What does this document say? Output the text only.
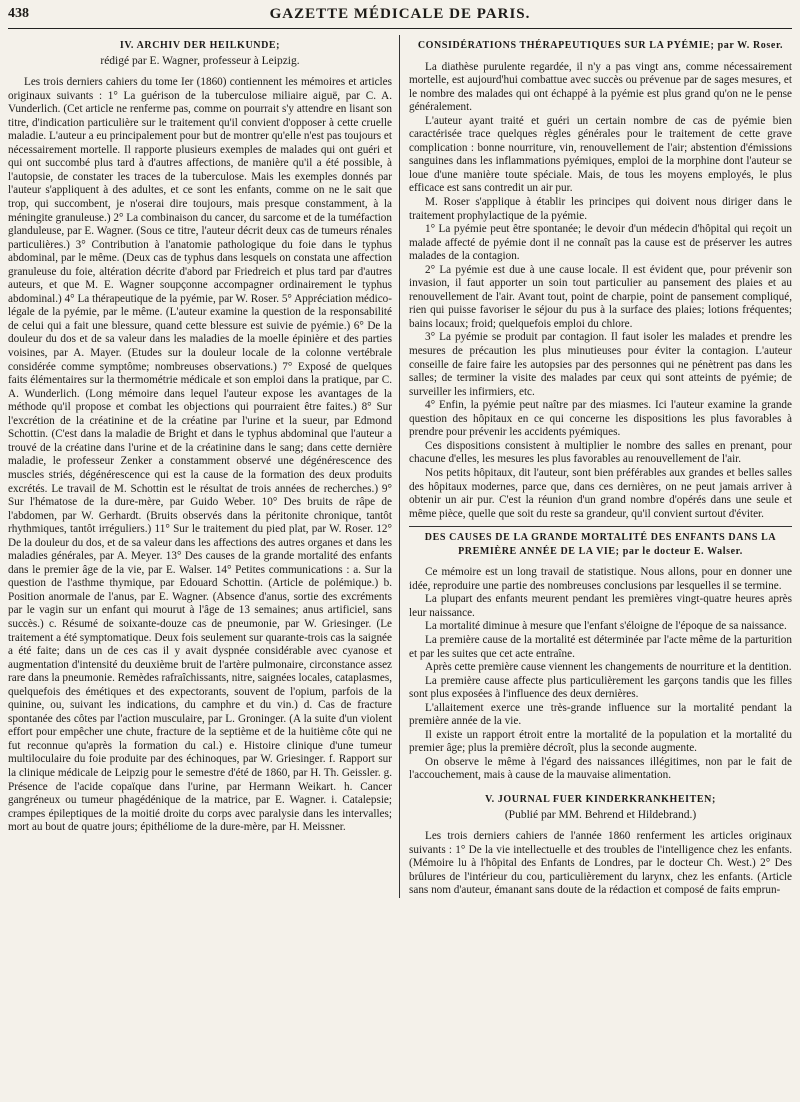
438	GAZETTE MÉDICALE DE PARIS.

IV. ARCHIV DER HEILKUNDE;

rédigé par E. Wagner, professeur à Leipzig.

Les trois derniers cahiers du tome Ier (1860) contiennent les mémoires et articles originaux suivants : 1° La guérison de la tuberculose miliaire aiguë, par C. A. Vunderlich. (Cet article ne renferme pas, comme on pourrait s'y attendre en lisant son titre, d'indication particulière sur le traitement qu'il convient d'opposer à cette cruelle maladie. L'auteur a eu principalement pour but de montrer qu'elle n'est pas toujours et nécessairement mortelle. Il rapporte plusieurs exemples de malades qui ont guéri et qui ont succombé plus tard à d'autres affections, de manière qu'il a été possible, à l'autopsie, de constater les traces de la tuberculose. Mais les exemples donnés par l'auteur s'appliquent à des adultes, et ce sont les enfants, comme on ne le sait que trop, qui succombent, je n'oserai dire toujours, mais presque constamment, à la méningite granuleuse.) 2° La combinaison du cancer, du sarcome et de la tuméfaction glanduleuse, par E. Wagner. (Sous ce titre, l'auteur décrit deux cas de tumeurs rénales particulières.) 3° Contribution à l'anatomie pathologique du foie dans le typhus abdominal, par le même. (Deux cas de typhus dans lesquels on constata une affection granuleuse du foie, altération décrite d'abord par Friedreich et plus tard par d'autres auteurs, et que M. E. Wagner soupçonne accompagner ordinairement le typhus abdominal.) 4° La thérapeutique de la pyémie, par W. Roser. 5° Appréciation médico-légale de la pyémie, par le même. (L'auteur examine la question de la responsabilité de celui qui a fait une blessure, quand cette blessure est suivie de pyémie.) 6° De la douleur du dos et de sa valeur dans les maladies de la moelle épinière et des parties voisines, par A. Mayer. (Etudes sur la douleur locale de la colonne vertébrale considérée comme symptôme; nombreuses observations.) 7° Exposé de quelques faits élémentaires sur la thermométrie médicale et son emploi dans la pratique, par C. A. Wunderlich. (Long mémoire dans lequel l'auteur expose les avantages de la méthode qu'il propose et combat les objections qui pourraient être faites.) 8° Sur l'excrétion de la créatinine et de la créatine par l'urine et la sueur, par Edmond Schottin. (C'est dans la maladie de Bright et dans le typhus abdominal que l'auteur a trouvé de la créatine dans l'urine et de la créatinine dans le sang; dans cette dernière maladie, le professeur Zenker a constamment observé une dégénérescence des muscles striés, dégénérescence qui est la cause de la formation des deux produits excrétés. Le travail de M. Schottin est le résultat de trois années de recherches.) 9° Sur l'hématose de la dure-mère, par Guido Weber. 10° Des bruits de râpe de l'abdomen, par W. Gerhardt. (Bruits observés dans la péritonite chronique, tantôt rhythmiques, tantôt irréguliers.) 11° Sur le traitement du pied plat, par W. Roser. 12° De la douleur du dos, et de sa valeur dans les affections des autres organes et dans les maladies générales, par A. Meyer. 13° Des causes de la grande mortalité des enfants dans le premier âge de la vie, par E. Walser. 14° Petites communications : a. Sur la question de l'asthme thymique, par Edouard Schottin. (Article de polémique.) b. Position anormale de l'anus, par E. Wagner. (Absence d'anus, sortie des excréments par le vagin sur un enfant qui mourut à l'âge de 13 semaines; anus artificiel, sans succès.) c. Résumé de soixante-douze cas de pneumonie, par W. Griesinger. (Le traitement a été symptomatique. Deux fois seulement sur quarante-trois cas la saignée a été faite; dans un de ces cas il y avait dyspnée considérable avec cyanose et augmentation d'intensité du deuxième bruit de l'artère pulmonaire, circonstance assez rare dans la pneumonie. Remèdes rafraîchissants, nitre, saignées locales, cataplasmes, quelquefois des émétiques et des expectorants, souvent de l'opium, parfois de la quinine, ou, suivant les indications, du camphre et du vin.) d. Cas de fracture spontanée des côtes par l'action musculaire, par L. Groninger. (A la suite d'un violent effort pour empêcher une chute, fracture de la septième et de la huitième côte qui ne fut reconnue qu'après la formation du cal.) e. Histoire clinique d'une tumeur multiloculaire du foie produite par des échinoques, par W. Griesinger. f. Rapport sur la clinique médicale de Leipzig pour le semestre d'été de 1860, par H. Th. Geissler. g. Présence de l'acide copaïque dans l'urine, par Hermann Weikart. h. Cancer gangréneux ou tumeur phagédénique de la matrice, par E. Wagner. i. Catalepsie; crampes épileptiques de la moitié droite du corps avec paralysie dans les intervalles; mort au bout de quatre jours; épithéliome de la dure-mère, par H. Meissner.

CONSIDÉRATIONS THÉRAPEUTIQUES SUR LA PYÉMIE; par W. Roser.

La diathèse purulente regardée, il n'y a pas vingt ans, comme nécessairement mortelle, est aujourd'hui combattue avec succès ou prévenue par de sages mesures, et le nombre des malades qui ont échappé à la pyémie est plus grand qu'on ne le pense généralement.

L'auteur ayant traité et guéri un certain nombre de cas de pyémie bien caractérisée trace quelques règles générales pour le traitement de cette grave complication : bonne nourriture, vin, renouvellement de l'air; abstention d'émissions sanguines dans les inflammations pyémiques, emploi de la morphine dont l'auteur se loue d'une manière toute spéciale. Mais, de tous les moyens employés, le plus efficace est sans contredit un air pur.

M. Roser s'applique à établir les principes qui doivent nous diriger dans le traitement prophylactique de la pyémie.

1° La pyémie peut être spontanée; le devoir d'un médecin d'hôpital qui reçoit un malade affecté de pyémie dont il ne connaît pas la cause est de préserver les autres malades de la contagion.

2° La pyémie est due à une cause locale. Il est évident que, pour prévenir son invasion, il faut apporter un soin tout particulier au pansement des plaies et au renouvellement de l'air. Avant tout, point de charpie, point de pansement compliqué, rien qui puisse favoriser le séjour du pus à la surface des plaies; lotions fréquentes; bains locaux; froid; quelquefois emploi du chlore.

3° La pyémie se produit par contagion. Il faut isoler les malades et prendre les mesures de précaution les plus minutieuses pour éviter la contagion. L'auteur conseille de faire faire les autopsies par des personnes qui ne pénètrent pas dans les salles; de terminer la visite des malades par ceux qui sont atteints de pyémie; de surveiller les infirmiers, etc.

4° Enfin, la pyémie peut naître par des miasmes. Ici l'auteur examine la grande question des hôpitaux en ce qui concerne les dispositions les plus favorables à prendre pour prévenir les accidents pyémiques.

Ces dispositions consistent à multiplier le nombre des salles en prenant, pour chacune d'elles, les mesures les plus favorables au renouvellement de l'air.

Nos petits hôpitaux, dit l'auteur, sont bien préférables aux grandes et belles salles des hôpitaux modernes, parce que, dans ces dernières, on ne peut jamais arriver à obtenir un air pur. C'est la réunion d'un grand nombre d'opérés dans une seule et même pièce, quelle que soit du reste sa grandeur, qu'il convient surtout d'éviter.

DES CAUSES DE LA GRANDE MORTALITÉ DES ENFANTS DANS LA PREMIÈRE ANNÉE DE LA VIE; par le docteur E. Walser.

Ce mémoire est un long travail de statistique. Nous allons, pour en donner une idée, reproduire une partie des nombreuses conclusions par lesquelles il se termine.

La plupart des enfants meurent pendant les premières vingt-quatre heures après leur naissance.

La mortalité diminue à mesure que l'enfant s'éloigne de l'époque de sa naissance.

La première cause de la mortalité est déterminée par l'acte même de la parturition et par les suites que cet acte entraîne.

Après cette première cause viennent les changements de nourriture et la dentition.

La première cause affecte plus particulièrement les garçons tandis que les filles sont plus exposées à l'influence des deux dernières.

L'allaitement exerce une très-grande influence sur la mortalité pendant la première année de la vie.

Il existe un rapport étroit entre la mortalité de la population et la mortalité du premier âge; plus la première décroît, plus la seconde augmente.

On observe le même à l'égard des naissances illégitimes, non par le fait de l'accouchement, mais à cause de la mauvaise alimentation.

V. JOURNAL FUER KINDERKRANKHEITEN;

(Publié par MM. Behrend et Hildebrand.)

Les trois derniers cahiers de l'année 1860 renferment les articles originaux suivants : 1° De la vie intellectuelle et des troubles de l'intelligence chez les enfants. (Mémoire lu à l'hôpital des Enfants de Londres, par le docteur Ch. West.) 2° Des brûlures de l'intérieur du cou, particulièrement du larynx, chez les enfants. (Article sans nom d'auteur, émanant sans doute de la rédaction et composé de faits emprun-
